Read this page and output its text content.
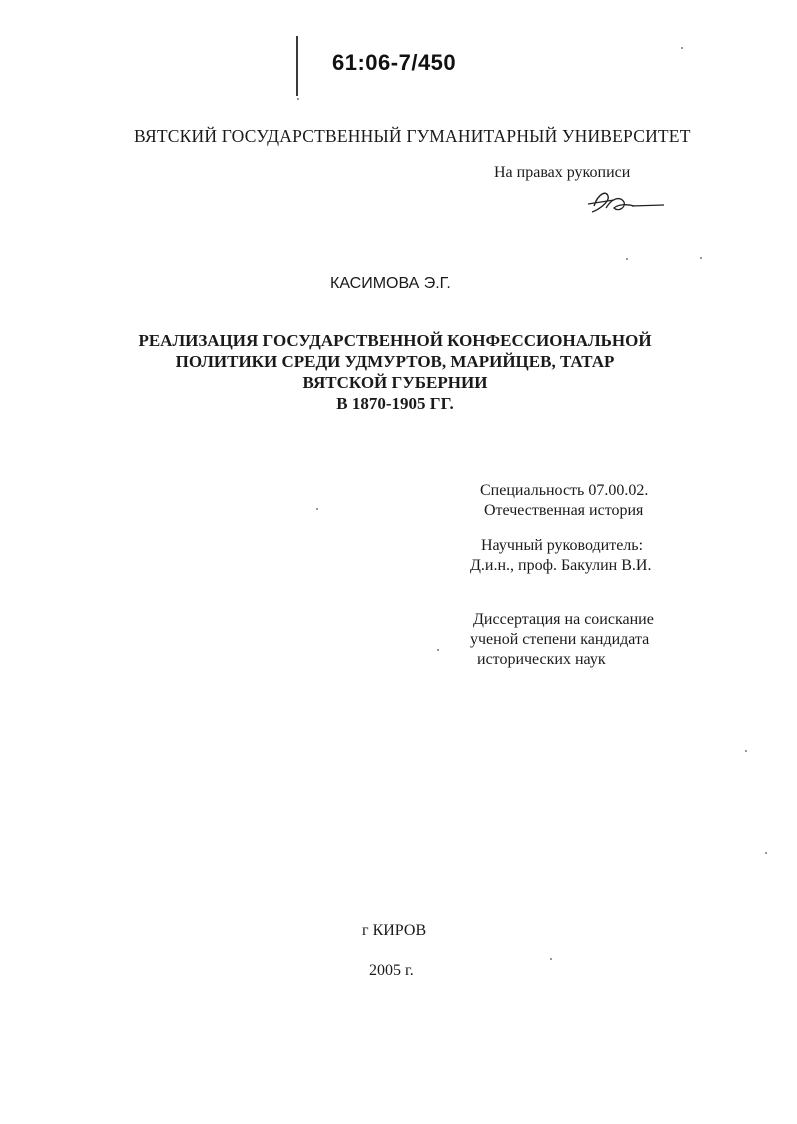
61:06-7/450
ВЯТСКИЙ ГОСУДАРСТВЕННЫЙ ГУМАНИТАРНЫЙ УНИВЕРСИТЕТ
На правах рукописи
КАСИМОВА Э.Г.
РЕАЛИЗАЦИЯ ГОСУДАРСТВЕННОЙ КОНФЕССИОНАЛЬНОЙ
ПОЛИТИКИ СРЕДИ УДМУРТОВ, МАРИЙЦЕВ, ТАТАР
ВЯТСКОЙ ГУБЕРНИИ
В 1870-1905 ГГ.
Специальность 07.00.02.
Отечественная история
Научный руководитель:
Д.и.н., проф. Бакулин В.И.
Диссертация на соискание
ученой степени кандидата
исторических наук
г КИРОВ
2005 г.
